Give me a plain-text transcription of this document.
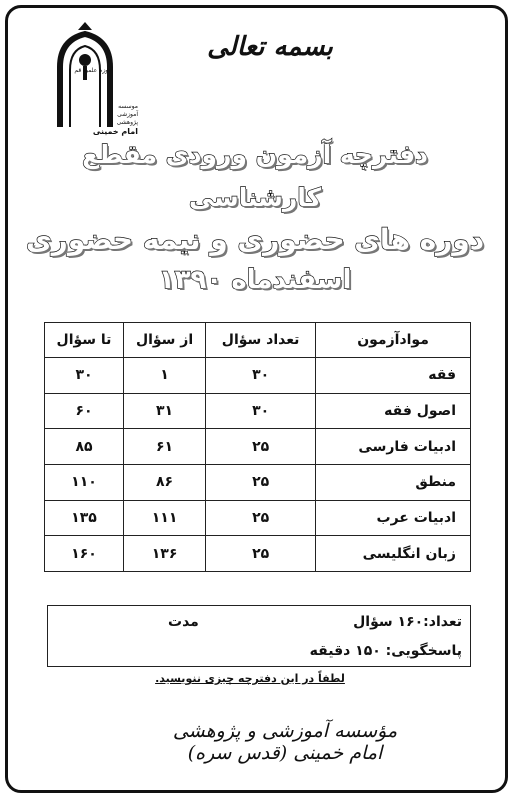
حوزه علمیه قم
موسسه
آموزشی
پژوهشی
امام خمینی
بسمه تعالی
دفترچه آزمون ورودی مقطع
کارشناسی
دوره های حضوری و نیمه حضوری
اسفندماه ۱۳۹۰
موادآزمون	تعداد سؤال	از سؤال	تا سؤال
فقه	۳۰	۱	۳۰
اصول فقه	۳۰	۳۱	۶۰
ادبیات فارسی	۲۵	۶۱	۸۵
منطق	۲۵	۸۶	۱۱۰
ادبیات عرب	۲۵	۱۱۱	۱۳۵
زبان انگلیسی	۲۵	۱۳۶	۱۶۰
تعداد:۱۶۰ سؤال
مدت
پاسخگویی: ۱۵۰ دقیقه
لطفاً در این دفترچه چیزی ننویسید.
مؤسسه آموزشی و پژوهشی امام خمینی (قدس سره)
